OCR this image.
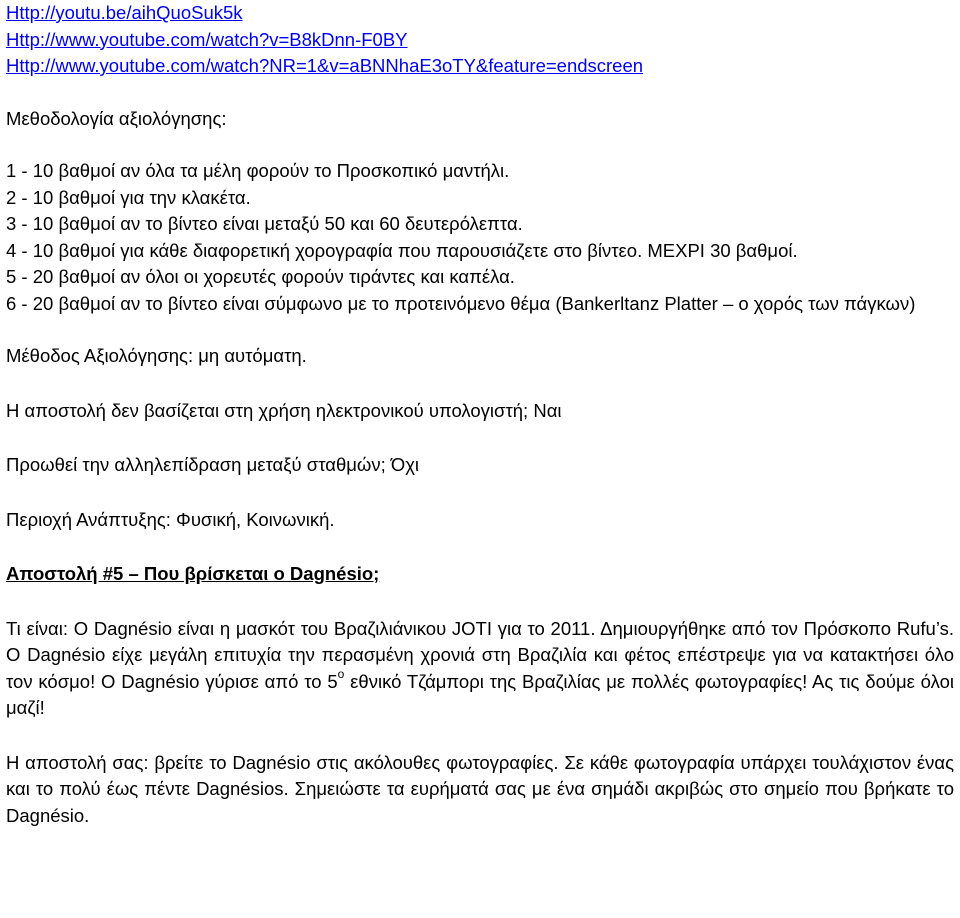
Http://youtu.be/aihQuoSuk5k
Http://www.youtube.com/watch?v=B8kDnn-F0BY
Http://www.youtube.com/watch?NR=1&v=aBNNhaE3oTY&feature=endscreen

Μεθοδολογία αξιολόγησης:

1 - 10 βαθμοί αν όλα τα μέλη φορούν το Προσκοπικό μαντήλι.

2 - 10 βαθμοί για την κλακέτα.

3 - 10 βαθμοί αν το βίντεο είναι μεταξύ 50 και 60 δευτερόλεπτα.

4 - 10 βαθμοί για κάθε διαφορετική χορογραφία που παρουσιάζετε στο βίντεο. ΜΕΧΡΙ 30 βαθμοί.

5 - 20 βαθμοί αν όλοι οι χορευτές φορούν τιράντες και καπέλα.

6 - 20 βαθμοί αν το βίντεο είναι σύμφωνο με το προτεινόμενο θέμα (Bankerltanz Platter – ο χορός των πάγκων)

Μέθοδος Αξιολόγησης: μη αυτόματη.

Η αποστολή δεν βασίζεται στη χρήση ηλεκτρονικού υπολογιστή; Ναι

Προωθεί την αλληλεπίδραση μεταξύ σταθμών; Όχι

Περιοχή Ανάπτυξης: Φυσική, Κοινωνική.

Αποστολή #5 – Που βρίσκεται ο Dagnésio;

Τι είναι: O Dagnésio είναι η μασκότ του Βραζιλιάνικου JOTI για το 2011. Δημιουργήθηκε από τον Πρόσκοπο Rufu’s. O Dagnésio είχε μεγάλη επιτυχία την περασμένη χρονιά στη Βραζιλία και φέτος επέστρεψε για να κατακτήσει όλο τον κόσμο! O Dagnésio γύρισε από το $5^o$ εθνικό Τζάμπορι της Βραζιλίας με πολλές φωτογραφίες! Ας τις δούμε όλοι μαζί!

Η αποστολή σας: βρείτε το Dagnésio στις ακόλουθες φωτογραφίες. Σε κάθε φωτογραφία υπάρχει τουλάχιστον ένας και το πολύ έως πέντε Dagnésios. Σημειώστε τα ευρήματά σας με ένα σημάδι ακριβώς στο σημείο που βρήκατε το Dagnésio.
